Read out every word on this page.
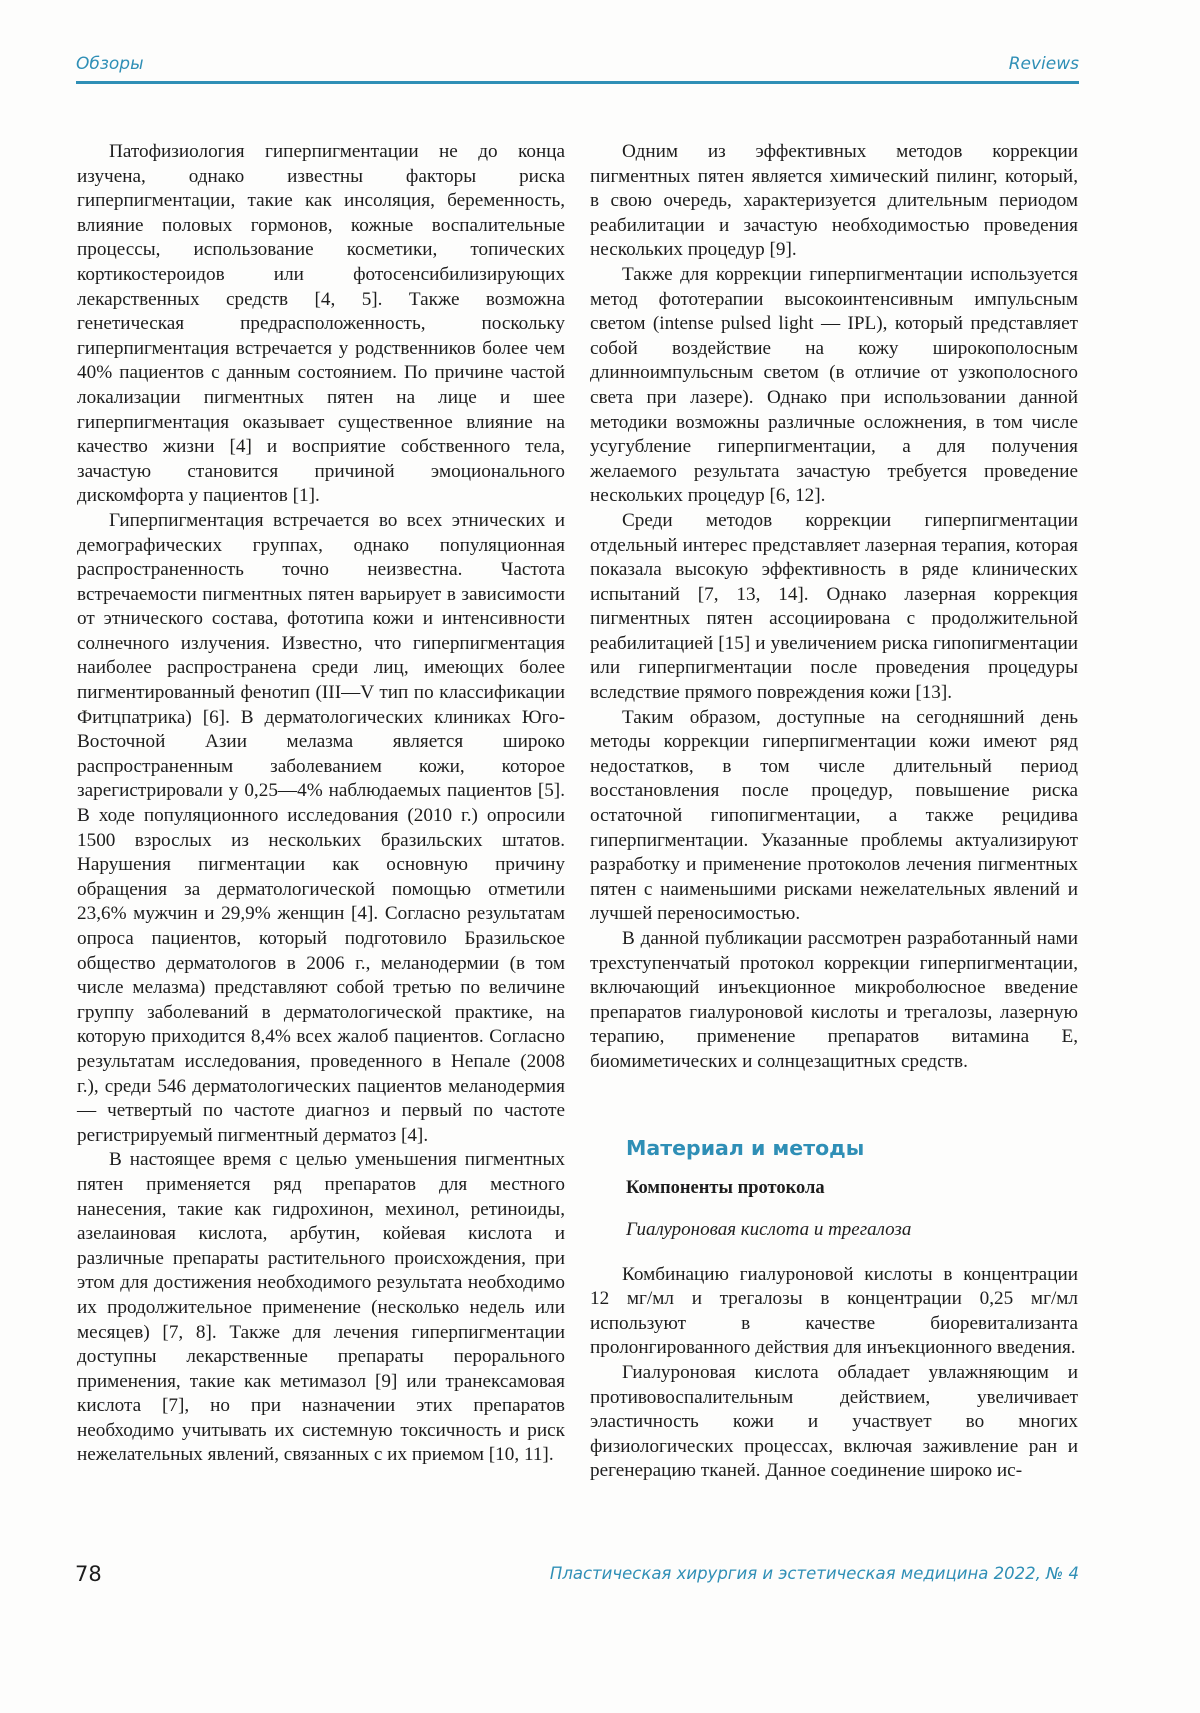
Обзоры	Reviews

Патофизиология гиперпигментации не до конца изучена, однако известны факторы риска гиперпигментации, такие как инсоляция, беременность, влияние половых гормонов, кожные воспалительные процессы, использование косметики, топических кортикостероидов или фотосенсибилизирующих лекарственных средств [4, 5]. Также возможна генетическая предрасположенность, поскольку гиперпигментация встречается у родственников более чем 40% пациентов с данным состоянием. По причине частой локализации пигментных пятен на лице и шее гиперпигментация оказывает существенное влияние на качество жизни [4] и восприятие собственного тела, зачастую становится причиной эмоционального дискомфорта у пациентов [1].

Гиперпигментация встречается во всех этнических и демографических группах, однако популяционная распространенность точно неизвестна. Частота встречаемости пигментных пятен варьирует в зависимости от этнического состава, фототипа кожи и интенсивности солнечного излучения. Известно, что гиперпигментация наиболее распространена среди лиц, имеющих более пигментированный фенотип (III—V тип по классификации Фитцпатрика) [6]. В дерматологических клиниках Юго-Восточной Азии мелазма является широко распространенным заболеванием кожи, которое зарегистрировали у 0,25—4% наблюдаемых пациентов [5]. В ходе популяционного исследования (2010 г.) опросили 1500 взрослых из нескольких бразильских штатов. Нарушения пигментации как основную причину обращения за дерматологической помощью отметили 23,6% мужчин и 29,9% женщин [4]. Согласно результатам опроса пациентов, который подготовило Бразильское общество дерматологов в 2006 г., меланодермии (в том числе мелазма) представляют собой третью по величине группу заболеваний в дерматологической практике, на которую приходится 8,4% всех жалоб пациентов. Согласно результатам исследования, проведенного в Непале (2008 г.), среди 546 дерматологических пациентов меланодермия — четвертый по частоте диагноз и первый по частоте регистрируемый пигментный дерматоз [4].

В настоящее время с целью уменьшения пигментных пятен применяется ряд препаратов для местного нанесения, такие как гидрохинон, мехинол, ретиноиды, азелаиновая кислота, арбутин, койевая кислота и различные препараты растительного происхождения, при этом для достижения необходимого результата необходимо их продолжительное применение (несколько недель или месяцев) [7, 8]. Также для лечения гиперпигментации доступны лекарственные препараты перорального применения, такие как метимазол [9] или транексамовая кислота [7], но при назначении этих препаратов необходимо учитывать их системную токсичность и риск нежелательных явлений, связанных с их приемом [10, 11].

Одним из эффективных методов коррекции пигментных пятен является химический пилинг, который, в свою очередь, характеризуется длительным периодом реабилитации и зачастую необходимостью проведения нескольких процедур [9].

Также для коррекции гиперпигментации используется метод фототерапии высокоинтенсивным импульсным светом (intense pulsed light — IPL), который представляет собой воздействие на кожу широкополосным длинноимпульсным светом (в отличие от узкополосного света при лазере). Однако при использовании данной методики возможны различные осложнения, в том числе усугубление гиперпигментации, а для получения желаемого результата зачастую требуется проведение нескольких процедур [6, 12].

Среди методов коррекции гиперпигментации отдельный интерес представляет лазерная терапия, которая показала высокую эффективность в ряде клинических испытаний [7, 13, 14]. Однако лазерная коррекция пигментных пятен ассоциирована с продолжительной реабилитацией [15] и увеличением риска гипопигментации или гиперпигментации после проведения процедуры вследствие прямого повреждения кожи [13].

Таким образом, доступные на сегодняшний день методы коррекции гиперпигментации кожи имеют ряд недостатков, в том числе длительный период восстановления после процедур, повышение риска остаточной гипопигментации, а также рецидива гиперпигментации. Указанные проблемы актуализируют разработку и применение протоколов лечения пигментных пятен с наименьшими рисками нежелательных явлений и лучшей переносимостью.

В данной публикации рассмотрен разработанный нами трехступенчатый протокол коррекции гиперпигментации, включающий инъекционное микроболюсное введение препаратов гиалуроновой кислоты и трегалозы, лазерную терапию, применение препаратов витамина Е, биомиметических и солнцезащитных средств.

Материал и методы
Компоненты протокола
Гиалуроновая кислота и трегалоза

Комбинацию гиалуроновой кислоты в концентрации 12 мг/мл и трегалозы в концентрации 0,25 мг/мл используют в качестве биоревитализанта пролонгированного действия для инъекционного введения.

Гиалуроновая кислота обладает увлажняющим и противовоспалительным действием, увеличивает эластичность кожи и участвует во многих физиологических процессах, включая заживление ран и регенерацию тканей. Данное соединение широко ис-

78	Пластическая хирургия и эстетическая медицина 2022, № 4
